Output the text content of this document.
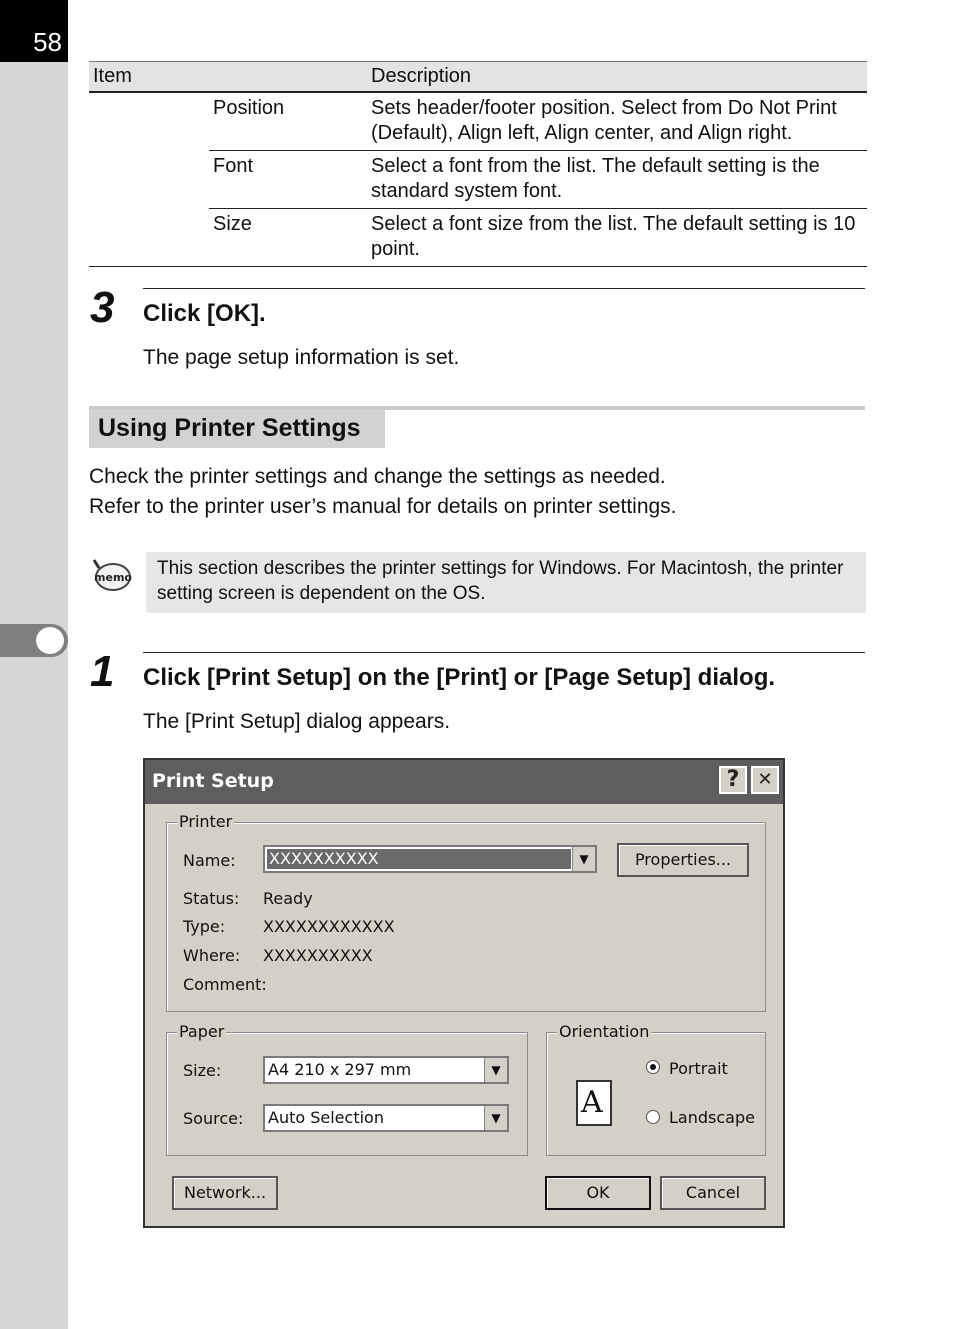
58
Item		Description
	Position	Sets header/footer position. Select from Do Not Print (Default), Align left, Align center, and Align right.
	Font	Select a font from the list. The default setting is the standard system font.
	Size	Select a font size from the list. The default setting is 10 point.
3 Click [OK].
The page setup information is set.
Using Printer Settings
Check the printer settings and change the settings as needed.
Refer to the printer user’s manual for details on printer settings.
memo This section describes the printer settings for Windows. For Macintosh, the printer setting screen is dependent on the OS.
1 Click [Print Setup] on the [Print] or [Page Setup] dialog.
The [Print Setup] dialog appears.
Print Setup	?	✕
Printer
Name: XXXXXXXXXX	▼	Properties...
Status: Ready
Type: XXXXXXXXXXXX
Where: XXXXXXXXXX
Comment:
Paper
Size:	A4 210 x 297 mm	▼
Source: Auto Selection	▼
Orientation
A
Portrait
Landscape
Network...	OK	Cancel
